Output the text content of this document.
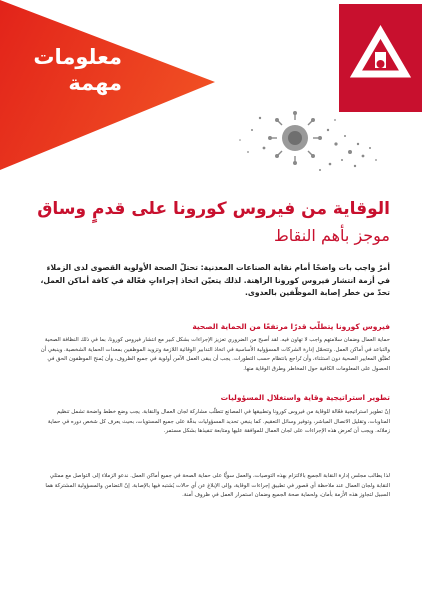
معلومات
مهمة
الوقاية من فيروس كورونا على قدمٍ وساق
موجز بأهم النقاط
أمرٌ واجب بات واضحًا أمام نقابة الصناعات المعدنية: تحتلّ الصحة الأولوية القصوى لدى الزملاء في أزمة انتشار فيروس كورونا الراهنة. لذلك يتعيّن اتخاذ إجراءاتٍ فعّالة في كافة أماكن العمل، تحدّ من خطر إصابة الموظّفين بالعدوى.
فيروس كورونا يتطلّب قدرًا مرتفعًا من الحماية الصحية
حماية العمال وضمان سلامتهم واجب لا تهاون فيه. لقد أصبح من الضروري تعزيز الإجراءات بشكل كبير مع انتشار فيروس كورونا، بما في ذلك النظافة الصحية والتباعد في أماكن العمل. وتتحمّل إدارة الشركات المسؤولية الأساسية في اتخاذ التدابير الوقائية اللازمة وتزويد الموظفين بمعدات الحماية الشخصية. وينبغي أن تُطبَّق المعايير الصحية دون استثناء، وأن تُراجع بانتظام حسب التطورات. يجب أن يبقى العمل الآمن أولوية في جميع الظروف، وأن يُمنح الموظفون الحق في الحصول على المعلومات الكافية حول المخاطر وطرق الوقاية منها.
تطوير استراتيجية وقاية واستغلال المسؤوليات
إنّ تطوير استراتيجية فعّالة للوقاية من فيروس كورونا وتطبيقها في المصانع تتطلّب مشاركة لجان العمال والنقابة. يجب وضع خطط واضحة تشمل تنظيم المناوبات، وتقليل الاتصال المباشر، وتوفير وسائل التعقيم. كما ينبغي تحديد المسؤوليات بدقّة على جميع المستويات، بحيث يعرف كل شخص دوره في حماية زملائه. ويجب أن تُعرض هذه الإجراءات على لجان العمال للموافقة عليها ومتابعة تنفيذها بشكل مستمر.
لذا يطالب مجلس إدارة النقابة الجميع بالالتزام بهذه التوصيات، والعمل سويًّا على حماية الصحة في جميع أماكن العمل. ندعو الزملاء إلى التواصل مع ممثلي النقابة ولجان العمال عند ملاحظة أي قصور في تطبيق إجراءات الوقاية، وإلى الإبلاغ عن أي حالات يُشتبه فيها بالإصابة. إنّ التضامن والمسؤولية المشتركة هما السبيل لتجاوز هذه الأزمة بأمان، ولحماية صحة الجميع وضمان استمرار العمل في ظروف آمنة.
